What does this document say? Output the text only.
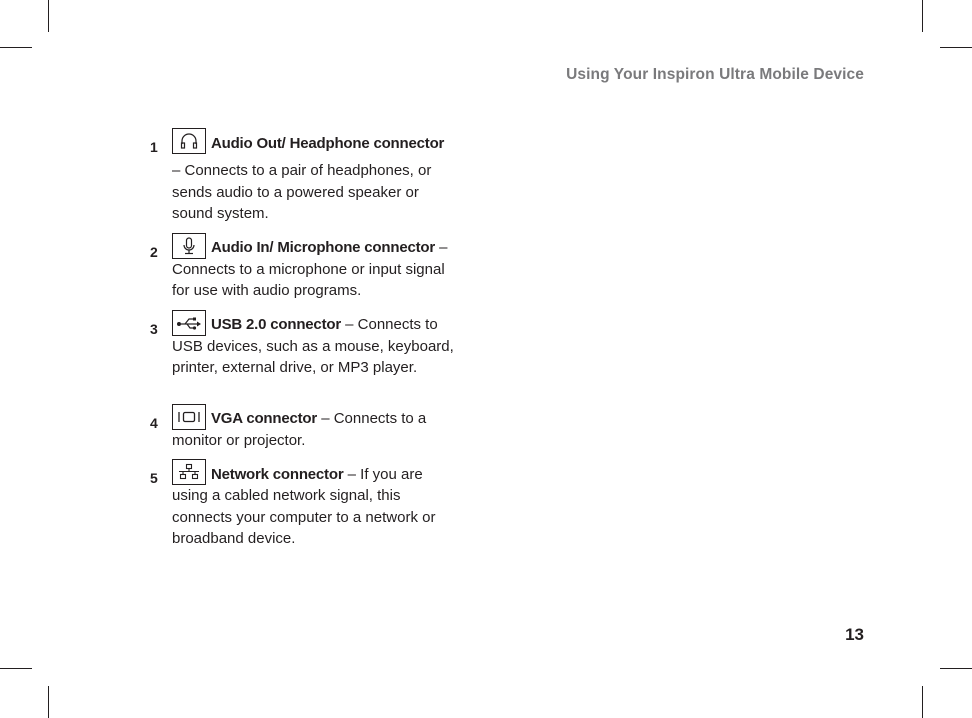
Using Your Inspiron Ultra Mobile Device
1	Audio Out/ Headphone connector
– Connects to a pair of headphones, or
sends audio to a powered speaker or
sound system.
2	Audio In/ Microphone connector –
Connects to a microphone or input signal
for use with audio programs.
3	USB 2.0 connector – Connects to
USB devices, such as a mouse, keyboard,
printer, external drive, or MP3 player.
4	VGA connector – Connects to a
monitor or projector.
5	Network connector – If you are
using a cabled network signal, this
connects your computer to a network or
broadband device.
13
